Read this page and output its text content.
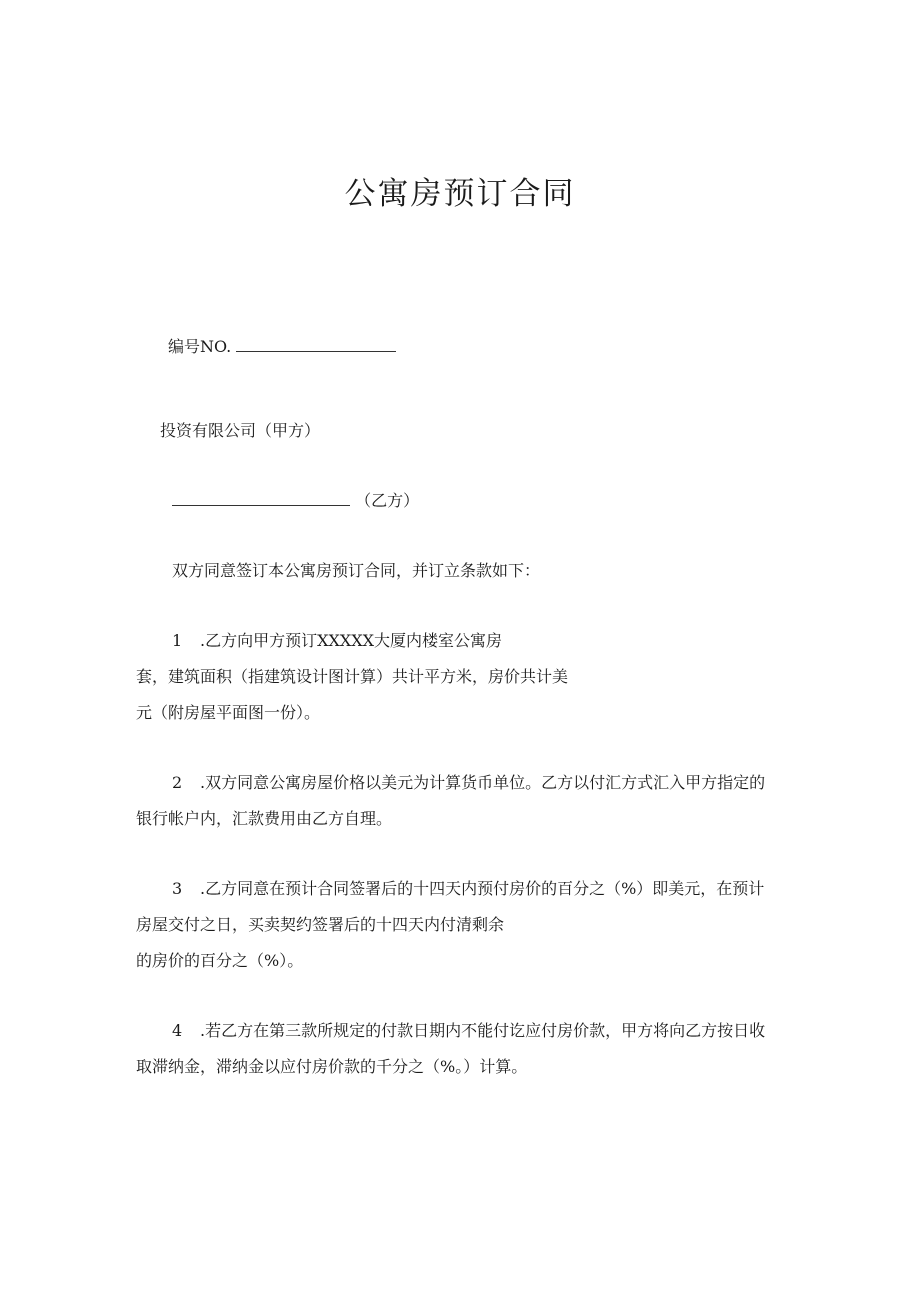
公寓房预订合同
编号NO.
投资有限公司（甲方）
（乙方）
双方同意签订本公寓房预订合同，并订立条款如下：
1 .乙方向甲方预订XXXXX大厦内楼室公寓房
套，建筑面积（指建筑设计图计算）共计平方米，房价共计美
元（附房屋平面图一份）。
2 .双方同意公寓房屋价格以美元为计算货币单位。乙方以付汇方式汇入甲方指定的
银行帐户内，汇款费用由乙方自理。
3 .乙方同意在预计合同签署后的十四天内预付房价的百分之（%）即美元，在预计
房屋交付之日，买卖契约签署后的十四天内付清剩余
的房价的百分之（%）。
4 .若乙方在第三款所规定的付款日期内不能付讫应付房价款，甲方将向乙方按日收
取滞纳金，滞纳金以应付房价款的千分之（%。）计算。
